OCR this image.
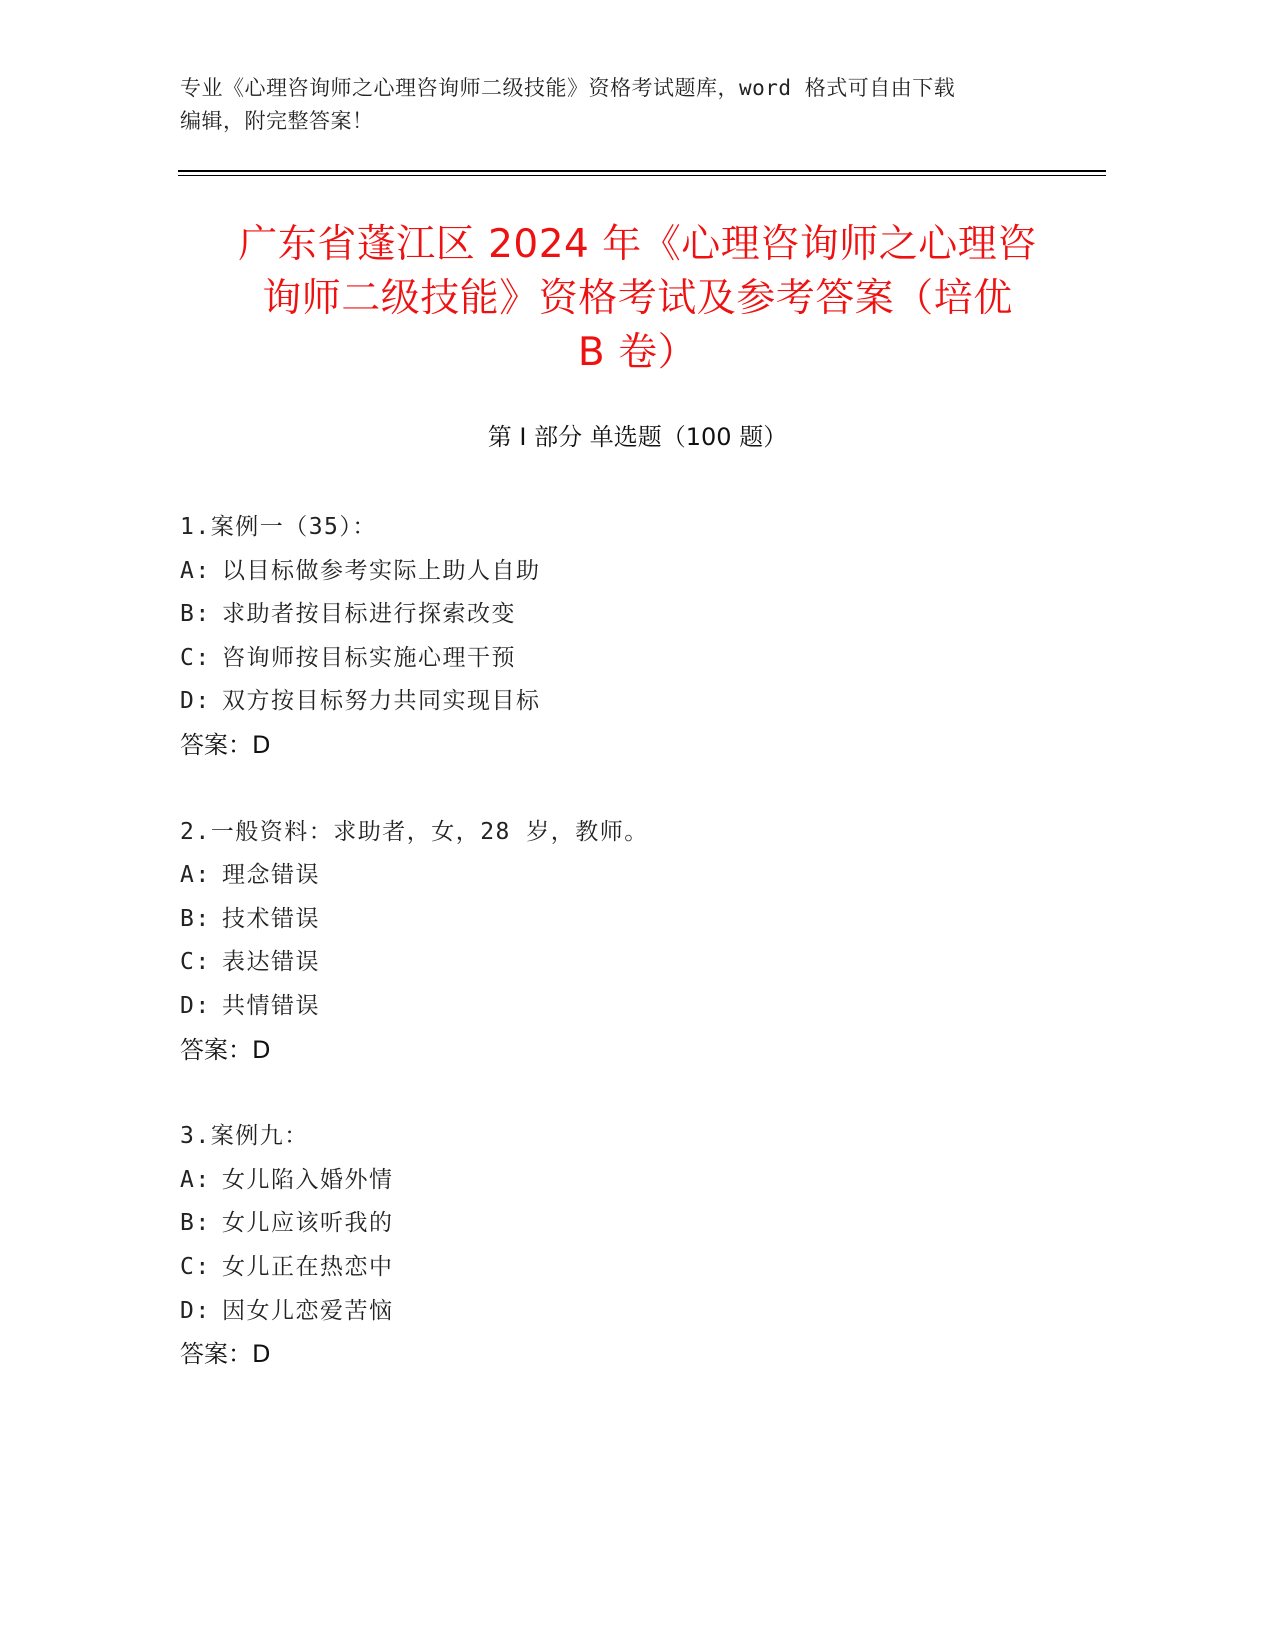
专业《心理咨询师之心理咨询师二级技能》资格考试题库，word 格式可自由下载
编辑，附完整答案！
广东省蓬江区 2024 年《心理咨询师之心理咨
询师二级技能》资格考试及参考答案（培优
B 卷）
第 I 部分 单选题（100 题）
1.案例一（35）：
A: 以目标做参考实际上助人自助
B: 求助者按目标进行探索改变
C: 咨询师按目标实施心理干预
D: 双方按目标努力共同实现目标
答案：D
2.一般资料：求助者，女，28 岁，教师。
A: 理念错误
B: 技术错误
C: 表达错误
D: 共情错误
答案：D
3.案例九：
A: 女儿陷入婚外情
B: 女儿应该听我的
C: 女儿正在热恋中
D: 因女儿恋爱苦恼
答案：D
